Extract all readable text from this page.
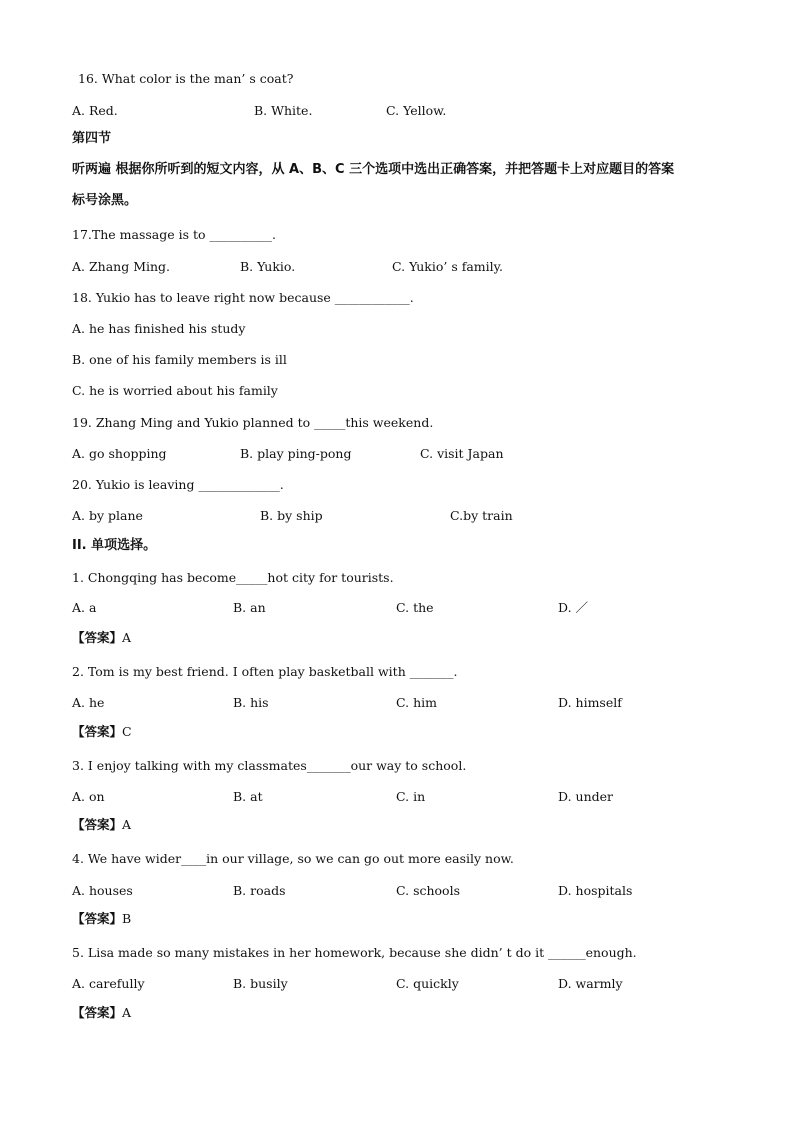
16. What color is the man’ s coat?
A. Red.	B. White.	C. Yellow.
第四节
听两遍 根据你所听到的短文内容，从 A、B、C 三个选项中选出正确答案，并把答题卡上对应题目的答案
标号涂黑。
17.The massage is to __________.
A. Zhang Ming.	B. Yukio.	C. Yukio’ s family.
18. Yukio has to leave right now because ____________.
A. he has finished his study
B. one of his family members is ill
C. he is worried about his family
19. Zhang Ming and Yukio planned to _____this weekend.
A. go shopping	B. play ping-pong	C. visit Japan
20. Yukio is leaving _____________.
A. by plane	B. by ship	C.by train
II. 单项选择。
1. Chongqing has become_____hot city for tourists.
A. a	B. an	C. the	D. ／
【答案】A
2. Tom is my best friend. I often play basketball with _______.
A. he	B. his	C. him	D. himself
【答案】C
3. I enjoy talking with my classmates_______our way to school.
A. on	B. at	C. in	D. under
【答案】A
4. We have wider____in our village, so we can go out more easily now.
A. houses	B. roads	C. schools	D. hospitals
【答案】B
5. Lisa made so many mistakes in her homework, because she didn’ t do it ______enough.
A. carefully	B. busily	C. quickly	D. warmly
【答案】A
